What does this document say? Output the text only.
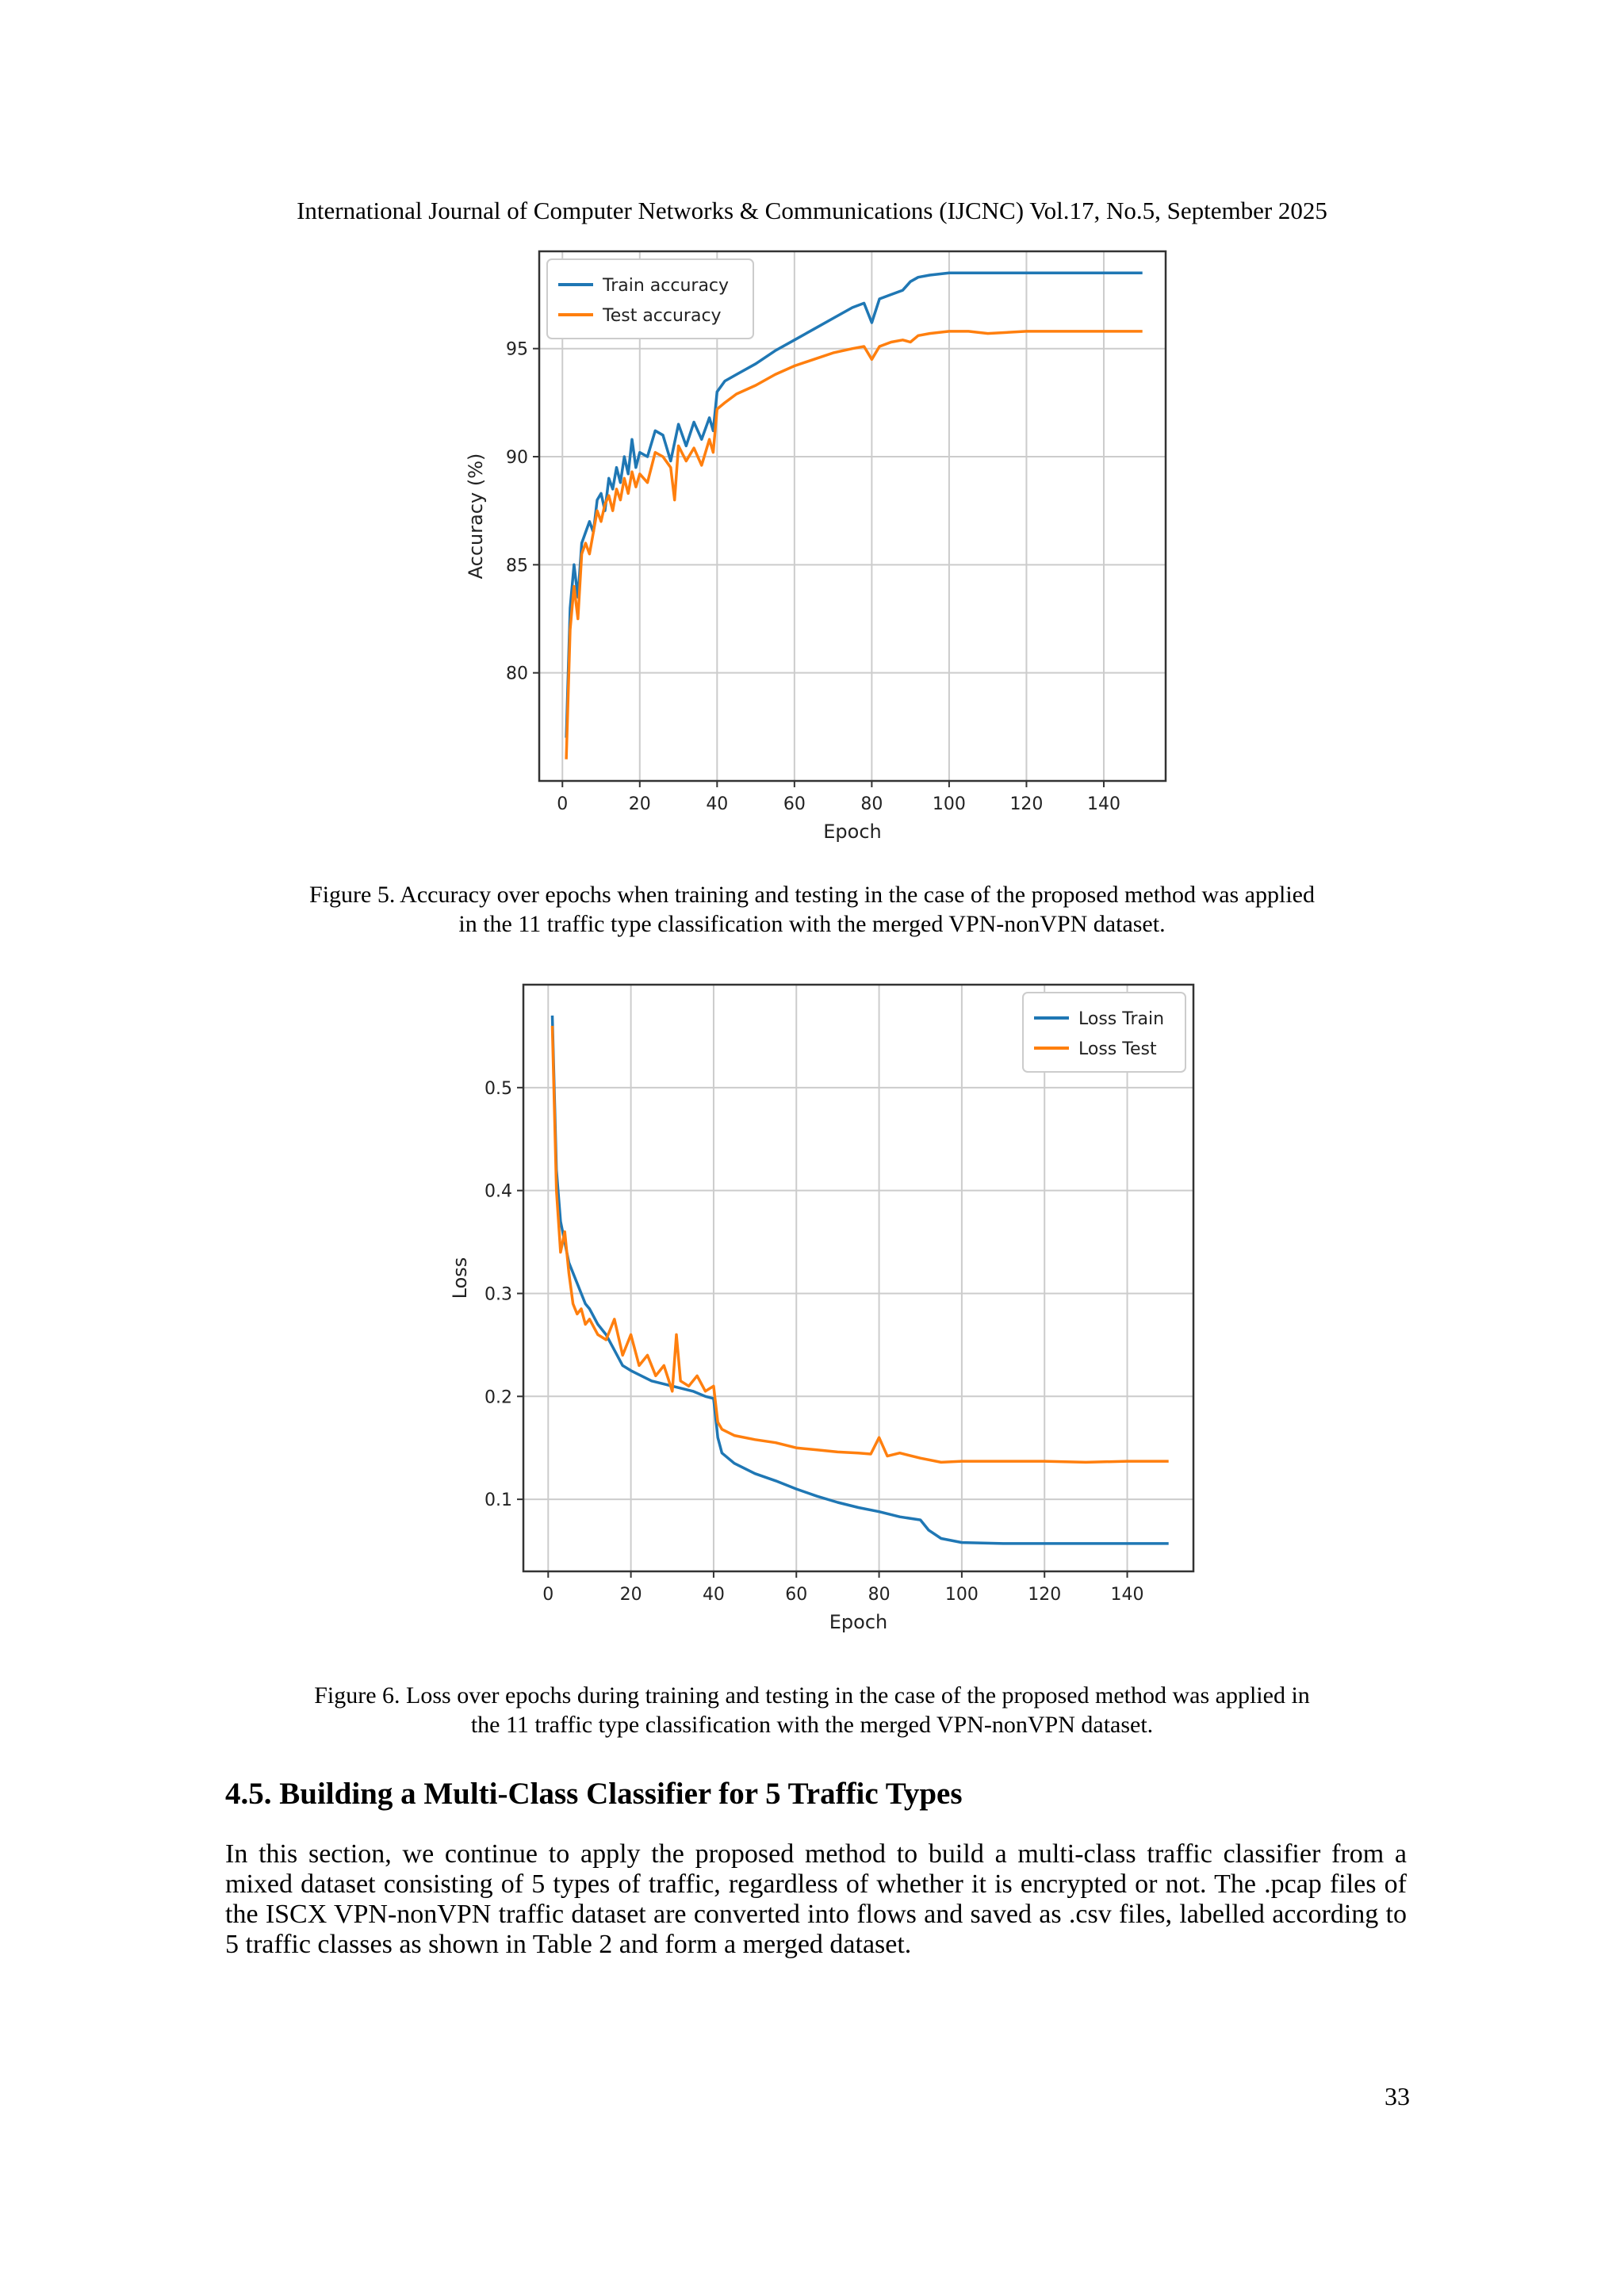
International Journal of Computer Networks & Communications (IJCNC) Vol.17, No.5, September 2025
0	20	40	60	80	100	120	140
80
85
90
95
Epoch
Accuracy (%)
Train accuracy
Test accuracy
Figure 5. Accuracy over epochs when training and testing in the case of the proposed method was applied
in the 11 traffic type classification with the merged VPN-nonVPN dataset.
0	20	40	60	80	100	120	140
0.1
0.2
0.3
0.4
0.5
Epoch
Loss
Loss Train
Loss Test
Figure 6. Loss over epochs during training and testing in the case of the proposed method was applied in
the 11 traffic type classification with the merged VPN-nonVPN dataset.
4.5. Building a Multi-Class Classifier for 5 Traffic Types
In this section, we continue to apply the proposed method to build a multi-class traffic classifier from a mixed dataset consisting of 5 types of traffic, regardless of whether it is encrypted or not. The .pcap files of the ISCX VPN-nonVPN traffic dataset are converted into flows and saved as .csv files, labelled according to 5 traffic classes as shown in Table 2 and form a merged dataset.
33
